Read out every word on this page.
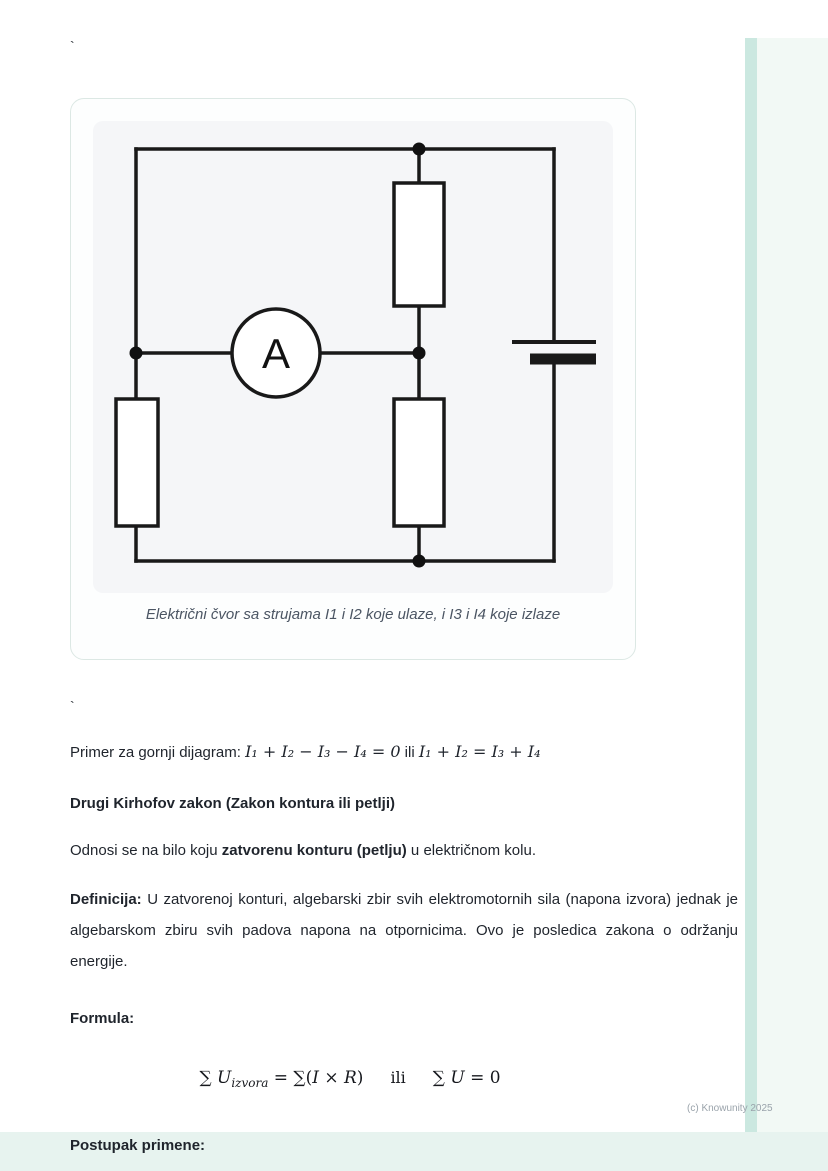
`
A
Električni čvor sa strujama I1 i I2 koje ulaze, i I3 i I4 koje izlaze
`

Primer za gornji dijagram: I₁ + I₂ − I₃ − I₄ = 0 ili I₁ + I₂ = I₃ + I₄

Drugi Kirhofov zakon (Zakon kontura ili petlji)

Odnosi se na bilo koju zatvorenu konturu (petlju) u električnom kolu.

Definicija: U zatvorenoj konturi, algebarski zbir svih elektromotornih sila (napona izvora) jednak je algebarskom zbiru svih padova napona na otpornicima. Ovo je posledica zakona o održanju energije.

Formula:

∑ $U_{izvora} = \sum(I \times R)$ ili ∑ U = 0

Postupak primene:

(c) Knowunity 2025
